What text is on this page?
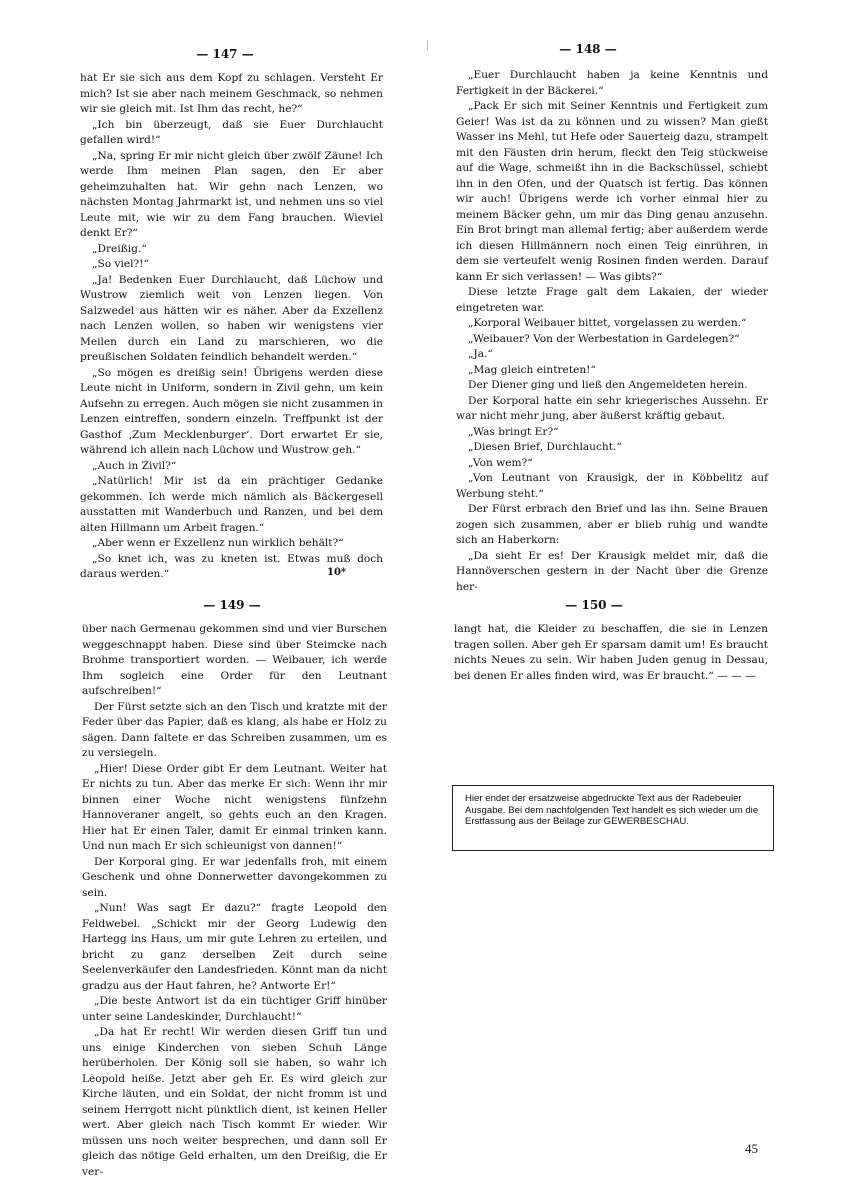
— 147 —

hat Er sie sich aus dem Kopf zu schlagen. Versteht Er mich? Ist sie aber nach meinem Geschmack, so nehmen wir sie gleich mit. Ist Ihm das recht, he?“

„Ich bin überzeugt, daß sie Euer Durchlaucht gefallen wird!“

„Na, spring Er mir nicht gleich über zwölf Zäune! Ich werde Ihm meinen Plan sagen, den Er aber geheimzuhalten hat. Wir gehn nach Lenzen, wo nächsten Montag Jahrmarkt ist, und nehmen uns so viel Leute mit, wie wir zu dem Fang brauchen. Wieviel denkt Er?“

„Dreißig.“

„So viel?!“

„Ja! Bedenken Euer Durchlaucht, daß Lüchow und Wustrow ziemlich weit von Lenzen liegen. Von Salzwedel aus hätten wir es näher. Aber da Exzellenz nach Lenzen wollen, so haben wir wenigstens vier Meilen durch ein Land zu marschieren, wo die preußischen Soldaten feindlich behandelt werden.“

„So mögen es dreißig sein! Übrigens werden diese Leute nicht in Uniform, sondern in Zivil gehn, um kein Aufsehn zu erregen. Auch mögen sie nicht zusammen in Lenzen eintreffen, sondern einzeln. Treffpunkt ist der Gasthof ‚Zum Mecklenburger‘. Dort erwartet Er sie, während ich allein nach Lüchow und Wustrow geh.“

„Auch in Zivil?“

„Natürlich! Mir ist da ein prächtiger Gedanke gekommen. Ich werde mich nämlich als Bäckergesell ausstatten mit Wanderbuch und Ranzen, und bei dem alten Hillmann um Arbeit fragen.“

„Aber wenn er Exzellenz nun wirklich behält?“

„So knet ich, was zu kneten ist. Etwas muß doch daraus werden.“	10*
— 148 —

„Euer Durchlaucht haben ja keine Kenntnis und Fertigkeit in der Bäckerei.“

„Pack Er sich mit Seiner Kenntnis und Fertigkeit zum Geier! Was ist da zu können und zu wissen? Man gießt Wasser ins Mehl, tut Hefe oder Sauerteig dazu, strampelt mit den Fäusten drin herum, fleckt den Teig stückweise auf die Wage, schmeißt ihn in die Backschüssel, schiebt ihn in den Ofen, und der Quatsch ist fertig. Das können wir auch! Übrigens werde ich vorher einmal hier zu meinem Bäcker gehn, um mir das Ding genau anzusehn. Ein Brot bringt man allemal fertig; aber außerdem werde ich diesen Hillmännern noch einen Teig einrühren, in dem sie verteufelt wenig Rosinen finden werden. Darauf kann Er sich verlassen! — Was gibts?“

Diese letzte Frage galt dem Lakaien, der wieder eingetreten war.

„Korporal Weibauer bittet, vorgelassen zu werden.“

„Weibauer? Von der Werbestation in Gardelegen?“

„Ja.“

„Mag gleich eintreten!“

Der Diener ging und ließ den Angemeldeten herein.

Der Korporal hatte ein sehr kriegerisches Aussehn. Er war nicht mehr jung, aber äußerst kräftig gebaut.

„Was bringt Er?“

„Diesen Brief, Durchlaucht.“

„Von wem?“

„Von Leutnant von Krausigk, der in Köbbelitz auf Werbung steht.“

Der Fürst erbrach den Brief und las ihn. Seine Brauen zogen sich zusammen, aber er blieb ruhig und wandte sich an Haberkorn:

„Da sieht Er es! Der Krausigk meldet mir, daß die Hannöverschen gestern in der Nacht über die Grenze her-

— 149 —

über nach Germenau gekommen sind und vier Burschen weggeschnappt haben. Diese sind über Steimcke nach Brohme transportiert worden. — Weibauer, ich werde Ihm sogleich eine Order für den Leutnant aufschreiben!“

Der Fürst setzte sich an den Tisch und kratzte mit der Feder über das Papier, daß es klang, als habe er Holz zu sägen. Dann faltete er das Schreiben zusammen, um es zu versiegeln.

„Hier! Diese Order gibt Er dem Leutnant. Weiter hat Er nichts zu tun. Aber das merke Er sich: Wenn ihr mir binnen einer Woche nicht wenigstens fünfzehn Hannoveraner angelt, so gehts euch an den Kragen. Hier hat Er einen Taler, damit Er einmal trinken kann. Und nun mach Er sich schleunigst von dannen!“

Der Korporal ging. Er war jedenfalls froh, mit einem Geschenk und ohne Donnerwetter davongekommen zu sein.

„Nun! Was sagt Er dazu?“ fragte Leopold den Feldwebel. „Schickt mir der Georg Ludewig den Hartegg ins Haus, um mir gute Lehren zu erteilen, und bricht zu ganz derselben Zeit durch seine Seelenverkäufer den Landesfrieden. Könnt man da nicht gradzu aus der Haut fahren, he? Antworte Er!“

„Die beste Antwort ist da ein tüchtiger Griff hinüber unter seine Landeskinder, Durchlaucht!“

„Da hat Er recht! Wir werden diesen Griff tun und uns einige Kinderchen von sieben Schuh Länge herüberholen. Der König soll sie haben, so wahr ich Leopold heiße. Jetzt aber geh Er. Es wird gleich zur Kirche läuten, und ein Soldat, der nicht fromm ist und seinem Herrgott nicht pünktlich dient, ist keinen Heller wert. Aber gleich nach Tisch kommt Er wieder. Wir müssen uns noch weiter besprechen, und dann soll Er gleich das nötige Geld erhalten, um den Dreißig, die Er ver-

— 150 —

langt hat, die Kleider zu beschaffen, die sie in Lenzen tragen sollen. Aber geh Er sparsam damit um! Es braucht nichts Neues zu sein. Wir haben Juden genug in Dessau, bei denen Er alles finden wird, was Er braucht.“ — — —

Hier endet der ersatzweise abgedruckte Text aus der Radebeuler Ausgabe. Bei dem nachfolgenden Text handelt es sich wieder um die Erstfassung aus der Beilage zur GEWERBESCHAU.
45
